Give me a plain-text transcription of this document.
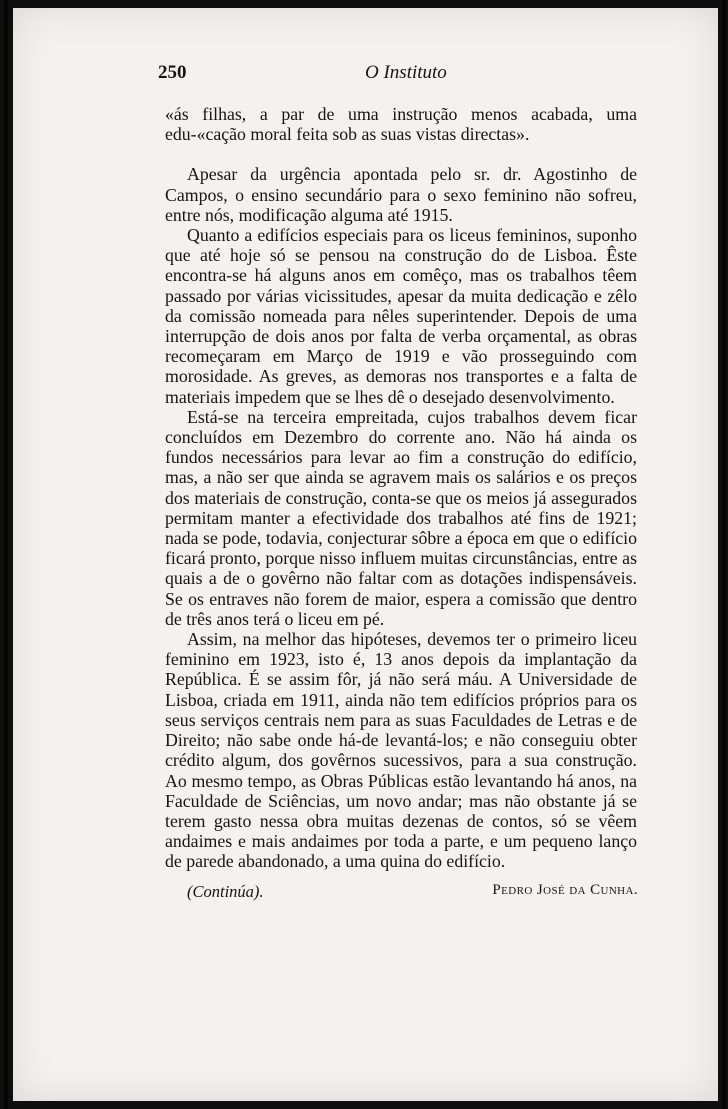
250	O Instituto

«ás filhas, a par de uma instrução menos acabada, uma edu-«cação moral feita sob as suas vistas directas».

Apesar da urgência apontada pelo sr. dr. Agostinho de Campos, o ensino secundário para o sexo feminino não sofreu, entre nós, modificação alguma até 1915.

Quanto a edifícios especiais para os liceus femininos, suponho que até hoje só se pensou na construção do de Lisboa. Êste encontra-se há alguns anos em comêço, mas os trabalhos têem passado por várias vicissitudes, apesar da muita dedicação e zêlo da comissão nomeada para nêles superintender. Depois de uma interrupção de dois anos por falta de verba orçamental, as obras recomeçaram em Março de 1919 e vão prosseguindo com morosidade. As greves, as demoras nos transportes e a falta de materiais impedem que se lhes dê o desejado desenvolvimento.

Está-se na terceira empreitada, cujos trabalhos devem ficar concluídos em Dezembro do corrente ano. Não há ainda os fundos necessários para levar ao fim a construção do edifício, mas, a não ser que ainda se agravem mais os salários e os preços dos materiais de construção, conta-se que os meios já assegurados permitam manter a efectividade dos trabalhos até fins de 1921; nada se pode, todavia, conjecturar sôbre a época em que o edifício ficará pronto, porque nisso influem muitas circunstâncias, entre as quais a de o govêrno não faltar com as dotações indispensáveis. Se os entraves não forem de maior, espera a comissão que dentro de três anos terá o liceu em pé.

Assim, na melhor das hipóteses, devemos ter o primeiro liceu feminino em 1923, isto é, 13 anos depois da implantação da República. É se assim fôr, já não será máu. A Universidade de Lisboa, criada em 1911, ainda não tem edifícios próprios para os seus serviços centrais nem para as suas Faculdades de Letras e de Direito; não sabe onde há-de levantá-los; e não conseguiu obter crédito algum, dos govêrnos sucessivos, para a sua construção. Ao mesmo tempo, as Obras Públicas estão levantando há anos, na Faculdade de Sciências, um novo andar; mas não obstante já se terem gasto nessa obra muitas dezenas de contos, só se vêem andaimes e mais andaimes por toda a parte, e um pequeno lanço de parede abandonado, a uma quina do edifício.

(Continúa).	Pedro José da Cunha.
